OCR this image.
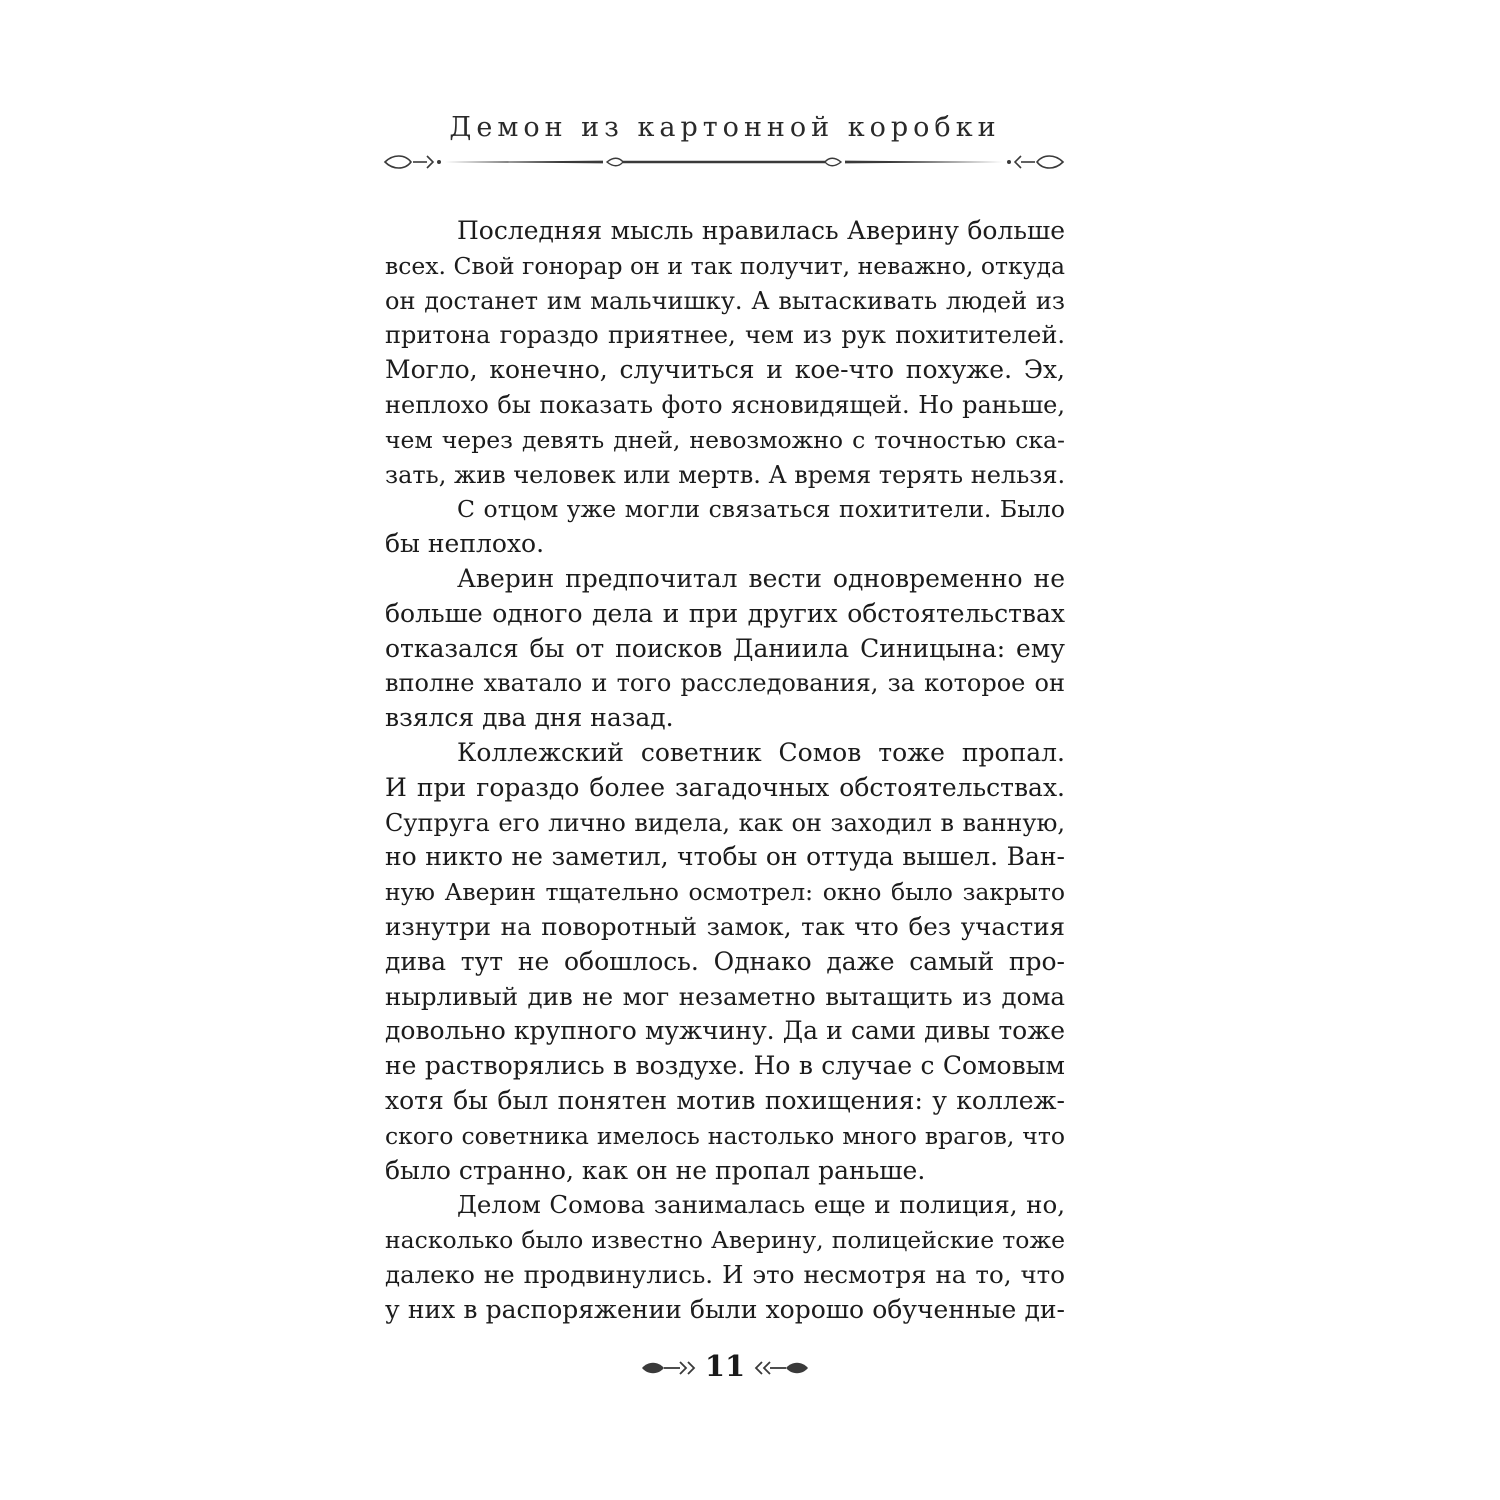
Демон из картонной коробки
Последняя мысль нравилась Аверину больше
всех. Свой гонорар он и так получит, неважно, откуда
он достанет им мальчишку. А вытаскивать людей из
притона гораздо приятнее, чем из рук похитителей.
Могло, конечно, случиться и кое-что похуже. Эх,
неплохо бы показать фото ясновидящей. Но раньше,
чем через девять дней, невозможно с точностью ска-
зать, жив человек или мертв. А время терять нельзя.
С отцом уже могли связаться похитители. Было
бы неплохо.
Аверин предпочитал вести одновременно не
больше одного дела и при других обстоятельствах
отказался бы от поисков Даниила Синицына: ему
вполне хватало и того расследования, за которое он
взялся два дня назад.
Коллежский советник Сомов тоже пропал.
И при гораздо более загадочных обстоятельствах.
Супруга его лично видела, как он заходил в ванную,
но никто не заметил, чтобы он оттуда вышел. Ван-
ную Аверин тщательно осмотрел: окно было закрыто
изнутри на поворотный замок, так что без участия
дива тут не обошлось. Однако даже самый про-
нырливый див не мог незаметно вытащить из дома
довольно крупного мужчину. Да и сами дивы тоже
не растворялись в воздухе. Но в случае с Сомовым
хотя бы был понятен мотив похищения: у коллеж-
ского советника имелось настолько много врагов, что
было странно, как он не пропал раньше.
Делом Сомова занималась еще и полиция, но,
насколько было известно Аверину, полицейские тоже
далеко не продвинулись. И это несмотря на то, что
у них в распоряжении были хорошо обученные ди-
11
